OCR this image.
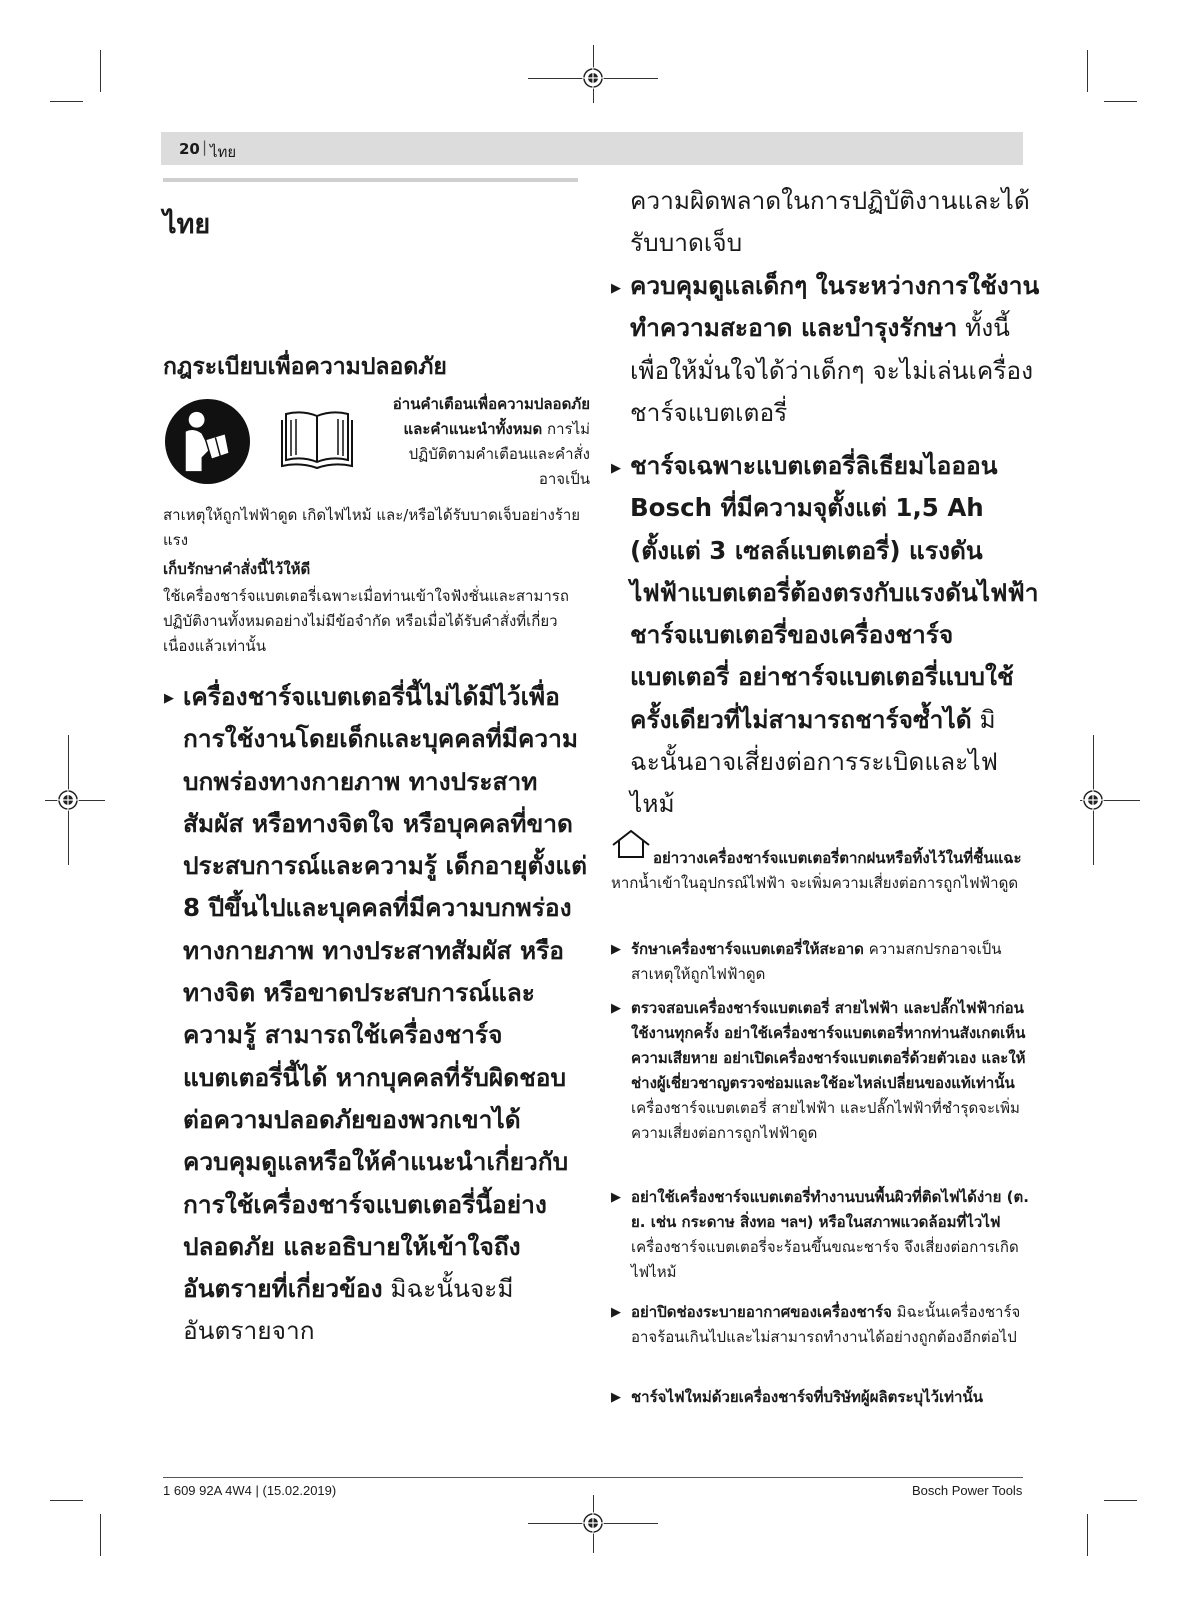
20 | ไทย
ไทย
กฎระเบียบเพื่อความปลอดภัย
อ่านคำเตือนเพื่อความปลอดภัยและคำแนะนำทั้งหมด การไม่ปฏิบัติตามคำเตือนและคำสั่งอาจเป็น
สาเหตุให้ถูกไฟฟ้าดูด เกิดไฟไหม้ และ/หรือได้รับบาดเจ็บอย่างร้ายแรง
เก็บรักษาคำสั่งนี้ไว้ให้ดี
ใช้เครื่องชาร์จแบตเตอรี่เฉพาะเมื่อท่านเข้าใจฟังชั่นและสามารถปฏิบัติงานทั้งหมดอย่างไม่มีข้อจำกัด หรือเมื่อได้รับคำสั่งที่เกี่ยวเนื่องแล้วเท่านั้น
▶ เครื่องชาร์จแบตเตอรี่นี้ไม่ได้มีไว้เพื่อการใช้งานโดยเด็กและบุคคลที่มีความบกพร่องทางกายภาพ ทางประสาทสัมผัส หรือทางจิตใจ หรือบุคคลที่ขาดประสบการณ์และความรู้ เด็กอายุตั้งแต่ 8 ปีขึ้นไปและบุคคลที่มีความบกพร่องทางกายภาพ ทางประสาทสัมผัส หรือทางจิต หรือขาดประสบการณ์และความรู้ สามารถใช้เครื่องชาร์จแบตเตอรี่นี้ได้ หากบุคคลที่รับผิดชอบต่อความปลอดภัยของพวกเขาได้ควบคุมดูแลหรือให้คำแนะนำเกี่ยวกับการใช้เครื่องชาร์จแบตเตอรี่นี้อย่างปลอดภัย และอธิบายให้เข้าใจถึงอันตรายที่เกี่ยวข้อง มิฉะนั้นจะมีอันตรายจาก
ความผิดพลาดในการปฏิบัติงานและได้รับบาดเจ็บ
▶ ควบคุมดูแลเด็กๆ ในระหว่างการใช้งาน ทำความสะอาด และบำรุงรักษา ทั้งนี้เพื่อให้มั่นใจได้ว่าเด็กๆ จะไม่เล่นเครื่องชาร์จแบตเตอรี่
▶ ชาร์จเฉพาะแบตเตอรี่ลิเธียมไอออน Bosch ที่มีความจุตั้งแต่ 1,5 Ah (ตั้งแต่ 3 เซลล์แบตเตอรี่) แรงดันไฟฟ้าแบตเตอรี่ต้องตรงกับแรงดันไฟฟ้าชาร์จแบตเตอรี่ของเครื่องชาร์จแบตเตอรี่ อย่าชาร์จแบตเตอรี่แบบใช้ครั้งเดียวที่ไม่สามารถชาร์จซ้ำได้ มิฉะนั้นอาจเสี่ยงต่อการระเบิดและไฟไหม้
อย่าวางเครื่องชาร์จแบตเตอรี่ตากฝนหรือทิ้งไว้ในที่ชื้นแฉะ หากน้ำเข้าในอุปกรณ์ไฟฟ้า จะเพิ่มความเสี่ยงต่อการถูกไฟฟ้าดูด
▶ รักษาเครื่องชาร์จแบตเตอรี่ให้สะอาด ความสกปรกอาจเป็นสาเหตุให้ถูกไฟฟ้าดูด
▶ ตรวจสอบเครื่องชาร์จแบตเตอรี่ สายไฟฟ้า และปลั๊กไฟฟ้าก่อนใช้งานทุกครั้ง อย่าใช้เครื่องชาร์จแบตเตอรี่หากท่านสังเกตเห็นความเสียหาย อย่าเปิดเครื่องชาร์จแบตเตอรี่ด้วยตัวเอง และให้ช่างผู้เชี่ยวชาญตรวจซ่อมและใช้อะไหล่เปลี่ยนของแท้เท่านั้น เครื่องชาร์จแบตเตอรี่ สายไฟฟ้า และปลั๊กไฟฟ้าที่ชำรุดจะเพิ่มความเสี่ยงต่อการถูกไฟฟ้าดูด
▶ อย่าใช้เครื่องชาร์จแบตเตอรี่ทำงานบนพื้นผิวที่ติดไฟได้ง่าย (ต. ย. เช่น กระดาษ สิ่งทอ ฯลฯ) หรือในสภาพแวดล้อมที่ไวไฟ เครื่องชาร์จแบตเตอรี่จะร้อนขึ้นขณะชาร์จ จึงเสี่ยงต่อการเกิดไฟไหม้
▶ อย่าปิดช่องระบายอากาศของเครื่องชาร์จ มิฉะนั้นเครื่องชาร์จอาจร้อนเกินไปและไม่สามารถทำงานได้อย่างถูกต้องอีกต่อไป
▶ ชาร์จไฟใหม่ด้วยเครื่องชาร์จที่บริษัทผู้ผลิตระบุไว้เท่านั้น
1 609 92A 4W4 | (15.02.2019)	Bosch Power Tools
